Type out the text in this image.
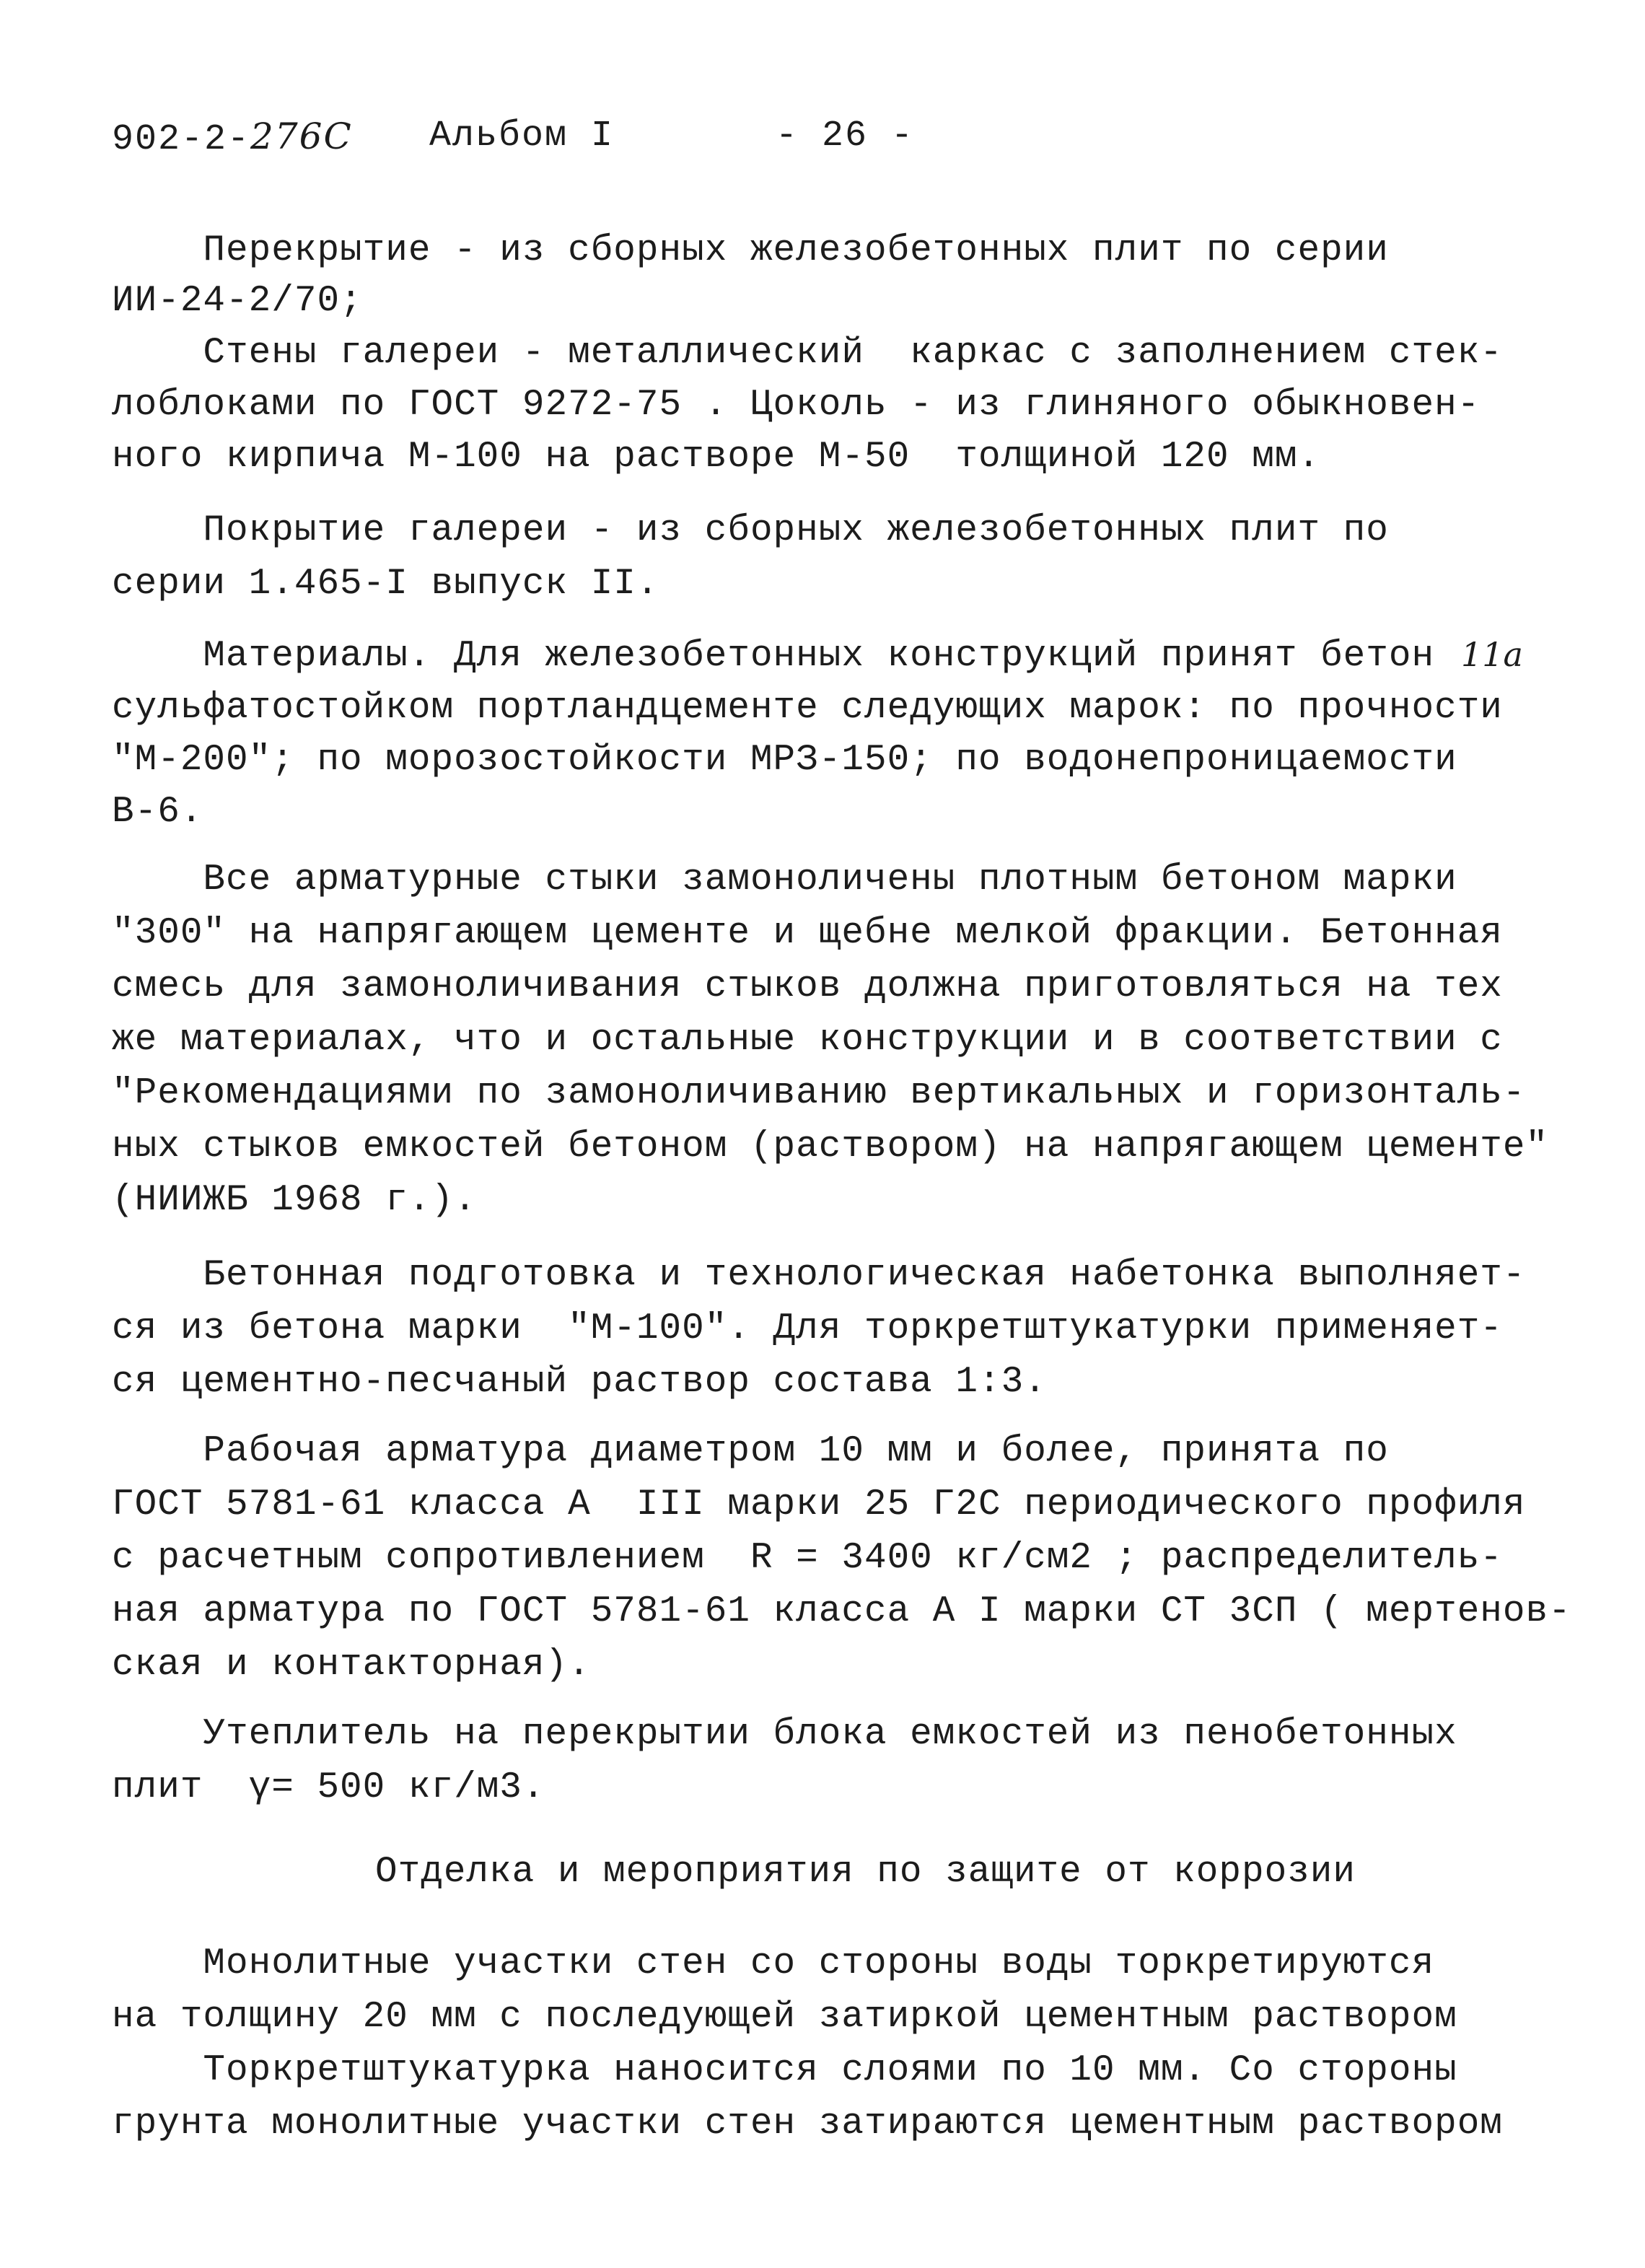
902-2-276С Альбом I	- 26 -
11а
Перекрытие - из сборных железобетонных плит по серии
ИИ-24-2/70;
Стены галереи - металлический  каркас с заполнением стек-
лоблоками по ГОСТ 9272-75 . Цоколь - из глиняного обыкновен-
ного кирпича М-100 на растворе М-50  толщиной 120 мм.
Покрытие галереи - из сборных железобетонных плит по
серии 1.465-I выпуск II.
Материалы. Для железобетонных конструкций принят бетон
сульфатостойком портландцементе следующих марок: по прочности
"М-200"; по морозостойкости МРЗ-150; по водонепроницаемости
В-6.
Все арматурные стыки замоноличены плотным бетоном марки
"300" на напрягающем цементе и щебне мелкой фракции. Бетонная
смесь для замоноличивания стыков должна приготовляться на тех
же материалах, что и остальные конструкции и в соответствии с
"Рекомендациями по замоноличиванию вертикальных и горизонталь-
ных стыков емкостей бетоном (раствором) на напрягающем цементе"
(НИИЖБ 1968 г.).
Бетонная подготовка и технологическая набетонка выполняет-
ся из бетона марки  "М-100". Для торкретштукатурки применяет-
ся цементно-песчаный раствор состава 1:3.
Рабочая арматура диаметром 10 мм и более, принята по
ГОСТ 5781-61 класса А  III марки 25 Г2С периодического профиля
с расчетным сопротивлением  R = 3400 кг/см2 ; распределитель-
ная арматура по ГОСТ 5781-61 класса А I марки СТ 3СП ( мертенов-
ская и контакторная).
Утеплитель на перекрытии блока емкостей из пенобетонных
плит  γ= 500 кг/м3.
Отделка и мероприятия по защите от коррозии
Монолитные участки стен со стороны воды торкретируются
на толщину 20 мм с последующей затиркой цементным раствором
Торкретштукатурка наносится слоями по 10 мм. Со стороны
грунта монолитные участки стен затираются цементным раствором
